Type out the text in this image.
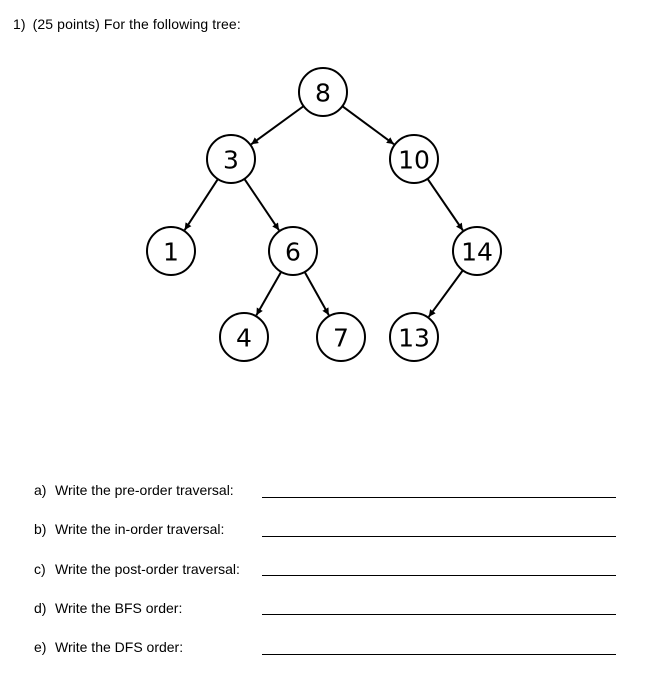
1) (25 points) For the following tree:
8
3	10
1	6	14
4	7 13
a) Write the pre-order traversal:
b) Write the in-order traversal:
c) Write the post-order traversal:
d) Write the BFS order:
e) Write the DFS order:
